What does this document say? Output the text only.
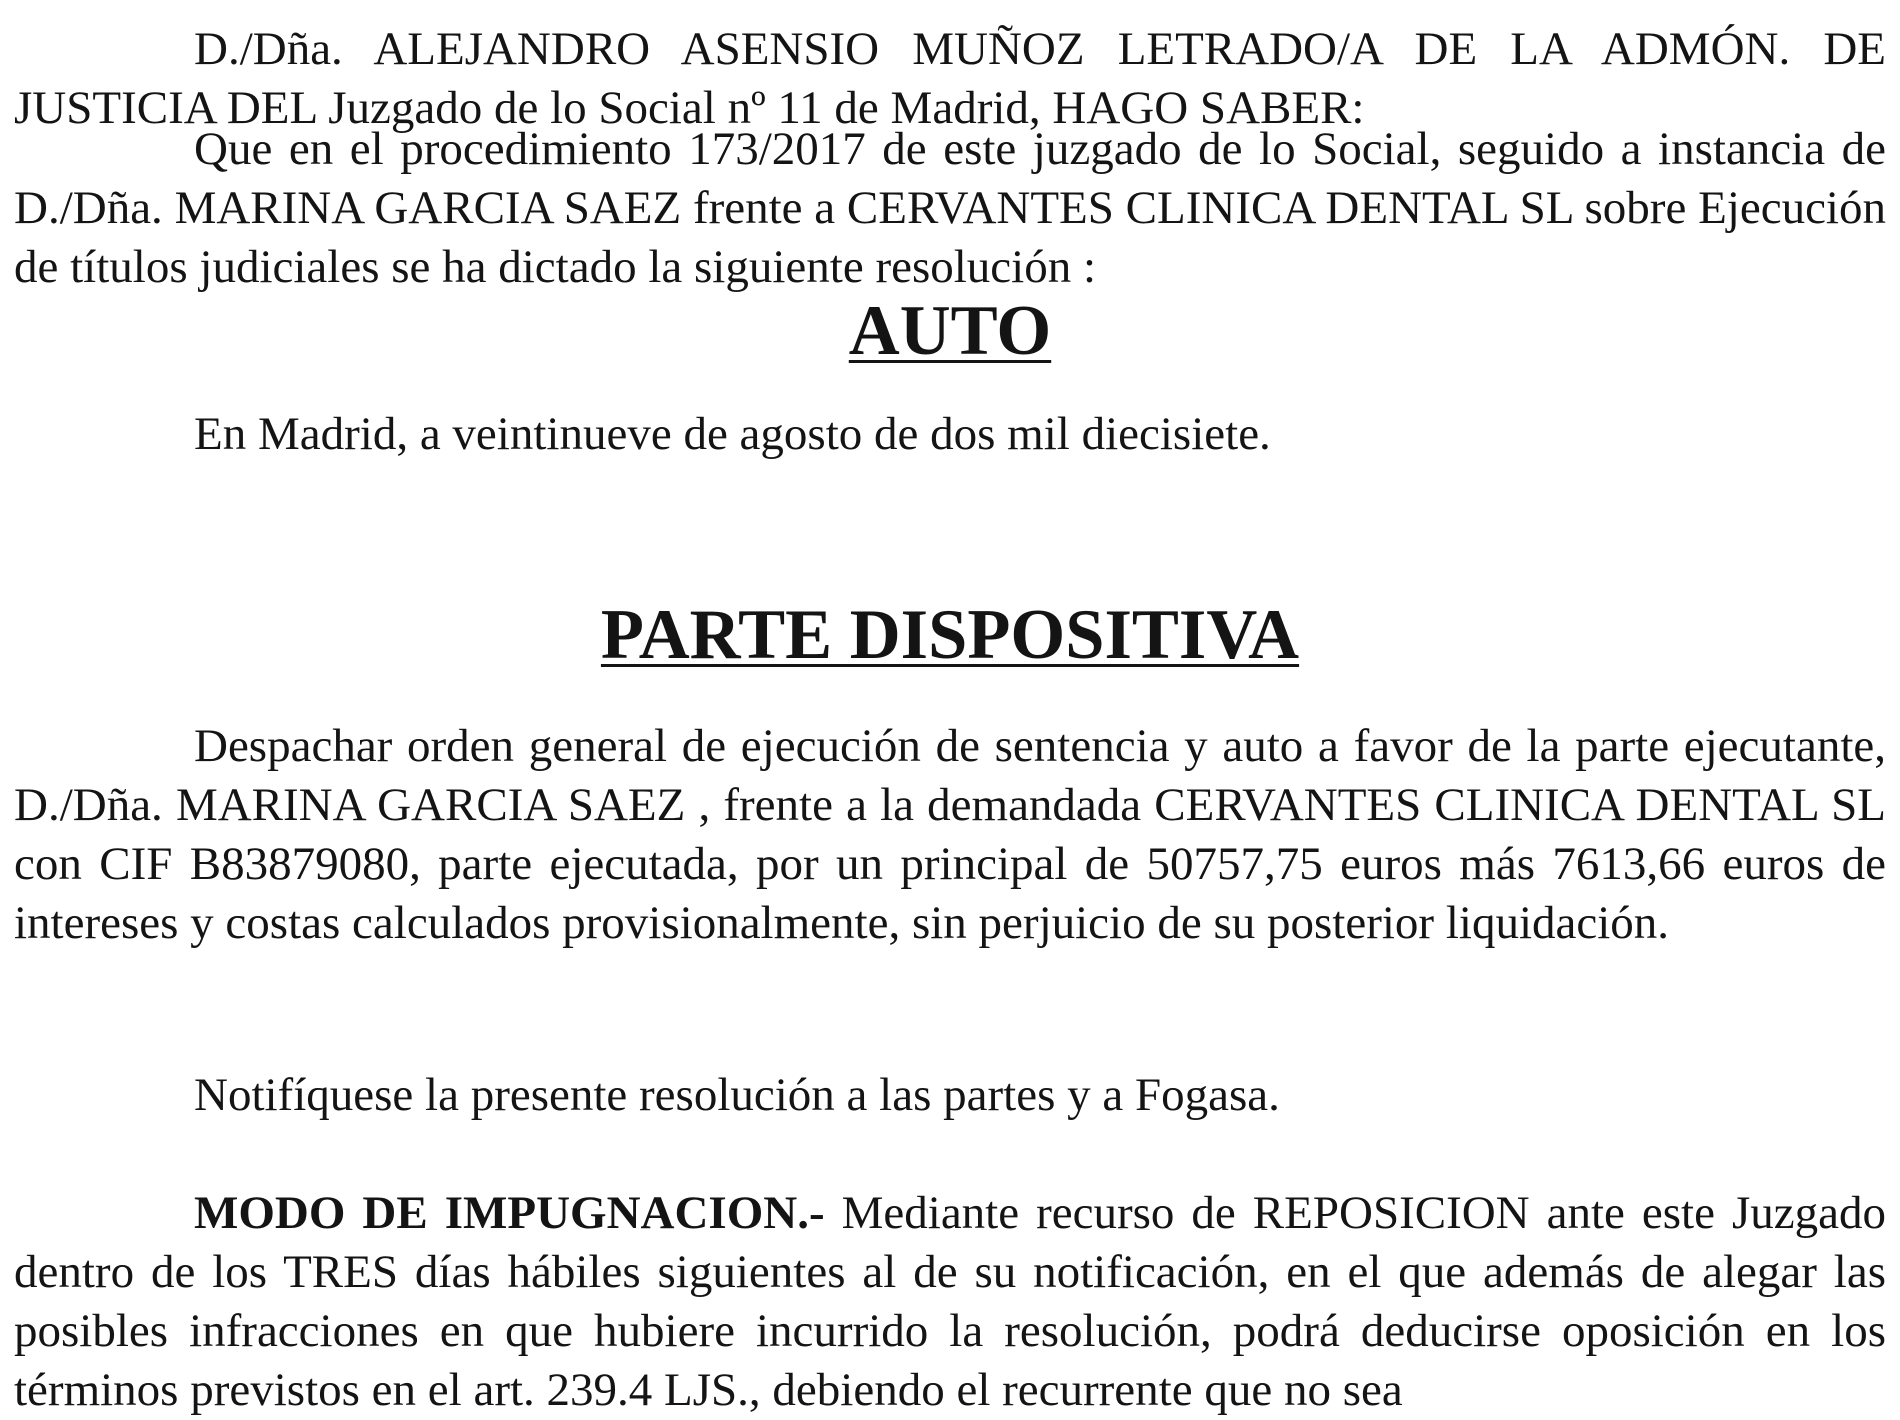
D./Dña. ALEJANDRO ASENSIO MUÑOZ LETRADO/A DE LA ADMÓN. DE JUSTICIA DEL Juzgado de lo Social nº 11 de Madrid, HAGO SABER:

Que en el procedimiento 173/2017 de este juzgado de lo Social, seguido a instancia de D./Dña. MARINA GARCIA SAEZ frente a CERVANTES CLINICA DENTAL SL sobre Ejecución de títulos judiciales se ha dictado la siguiente resolución :

AUTO

En Madrid, a veintinueve de agosto de dos mil diecisiete.

PARTE DISPOSITIVA

Despachar orden general de ejecución de sentencia y auto a favor de la parte ejecutante, D./Dña. MARINA GARCIA SAEZ , frente a la demandada CERVANTES CLINICA DENTAL SL con CIF B83879080, parte ejecutada, por un principal de 50757,75 euros más 7613,66 euros de intereses y costas calculados provisionalmente, sin perjuicio de su posterior liquidación.

Notifíquese la presente resolución a las partes y a Fogasa.

MODO DE IMPUGNACION.- Mediante recurso de REPOSICION ante este Juzgado dentro de los TRES días hábiles siguientes al de su notificación, en el que además de alegar las posibles infracciones en que hubiere incurrido la resolución, podrá deducirse oposición en los términos previstos en el art. 239.4 LJS., debiendo el recurrente que no sea
